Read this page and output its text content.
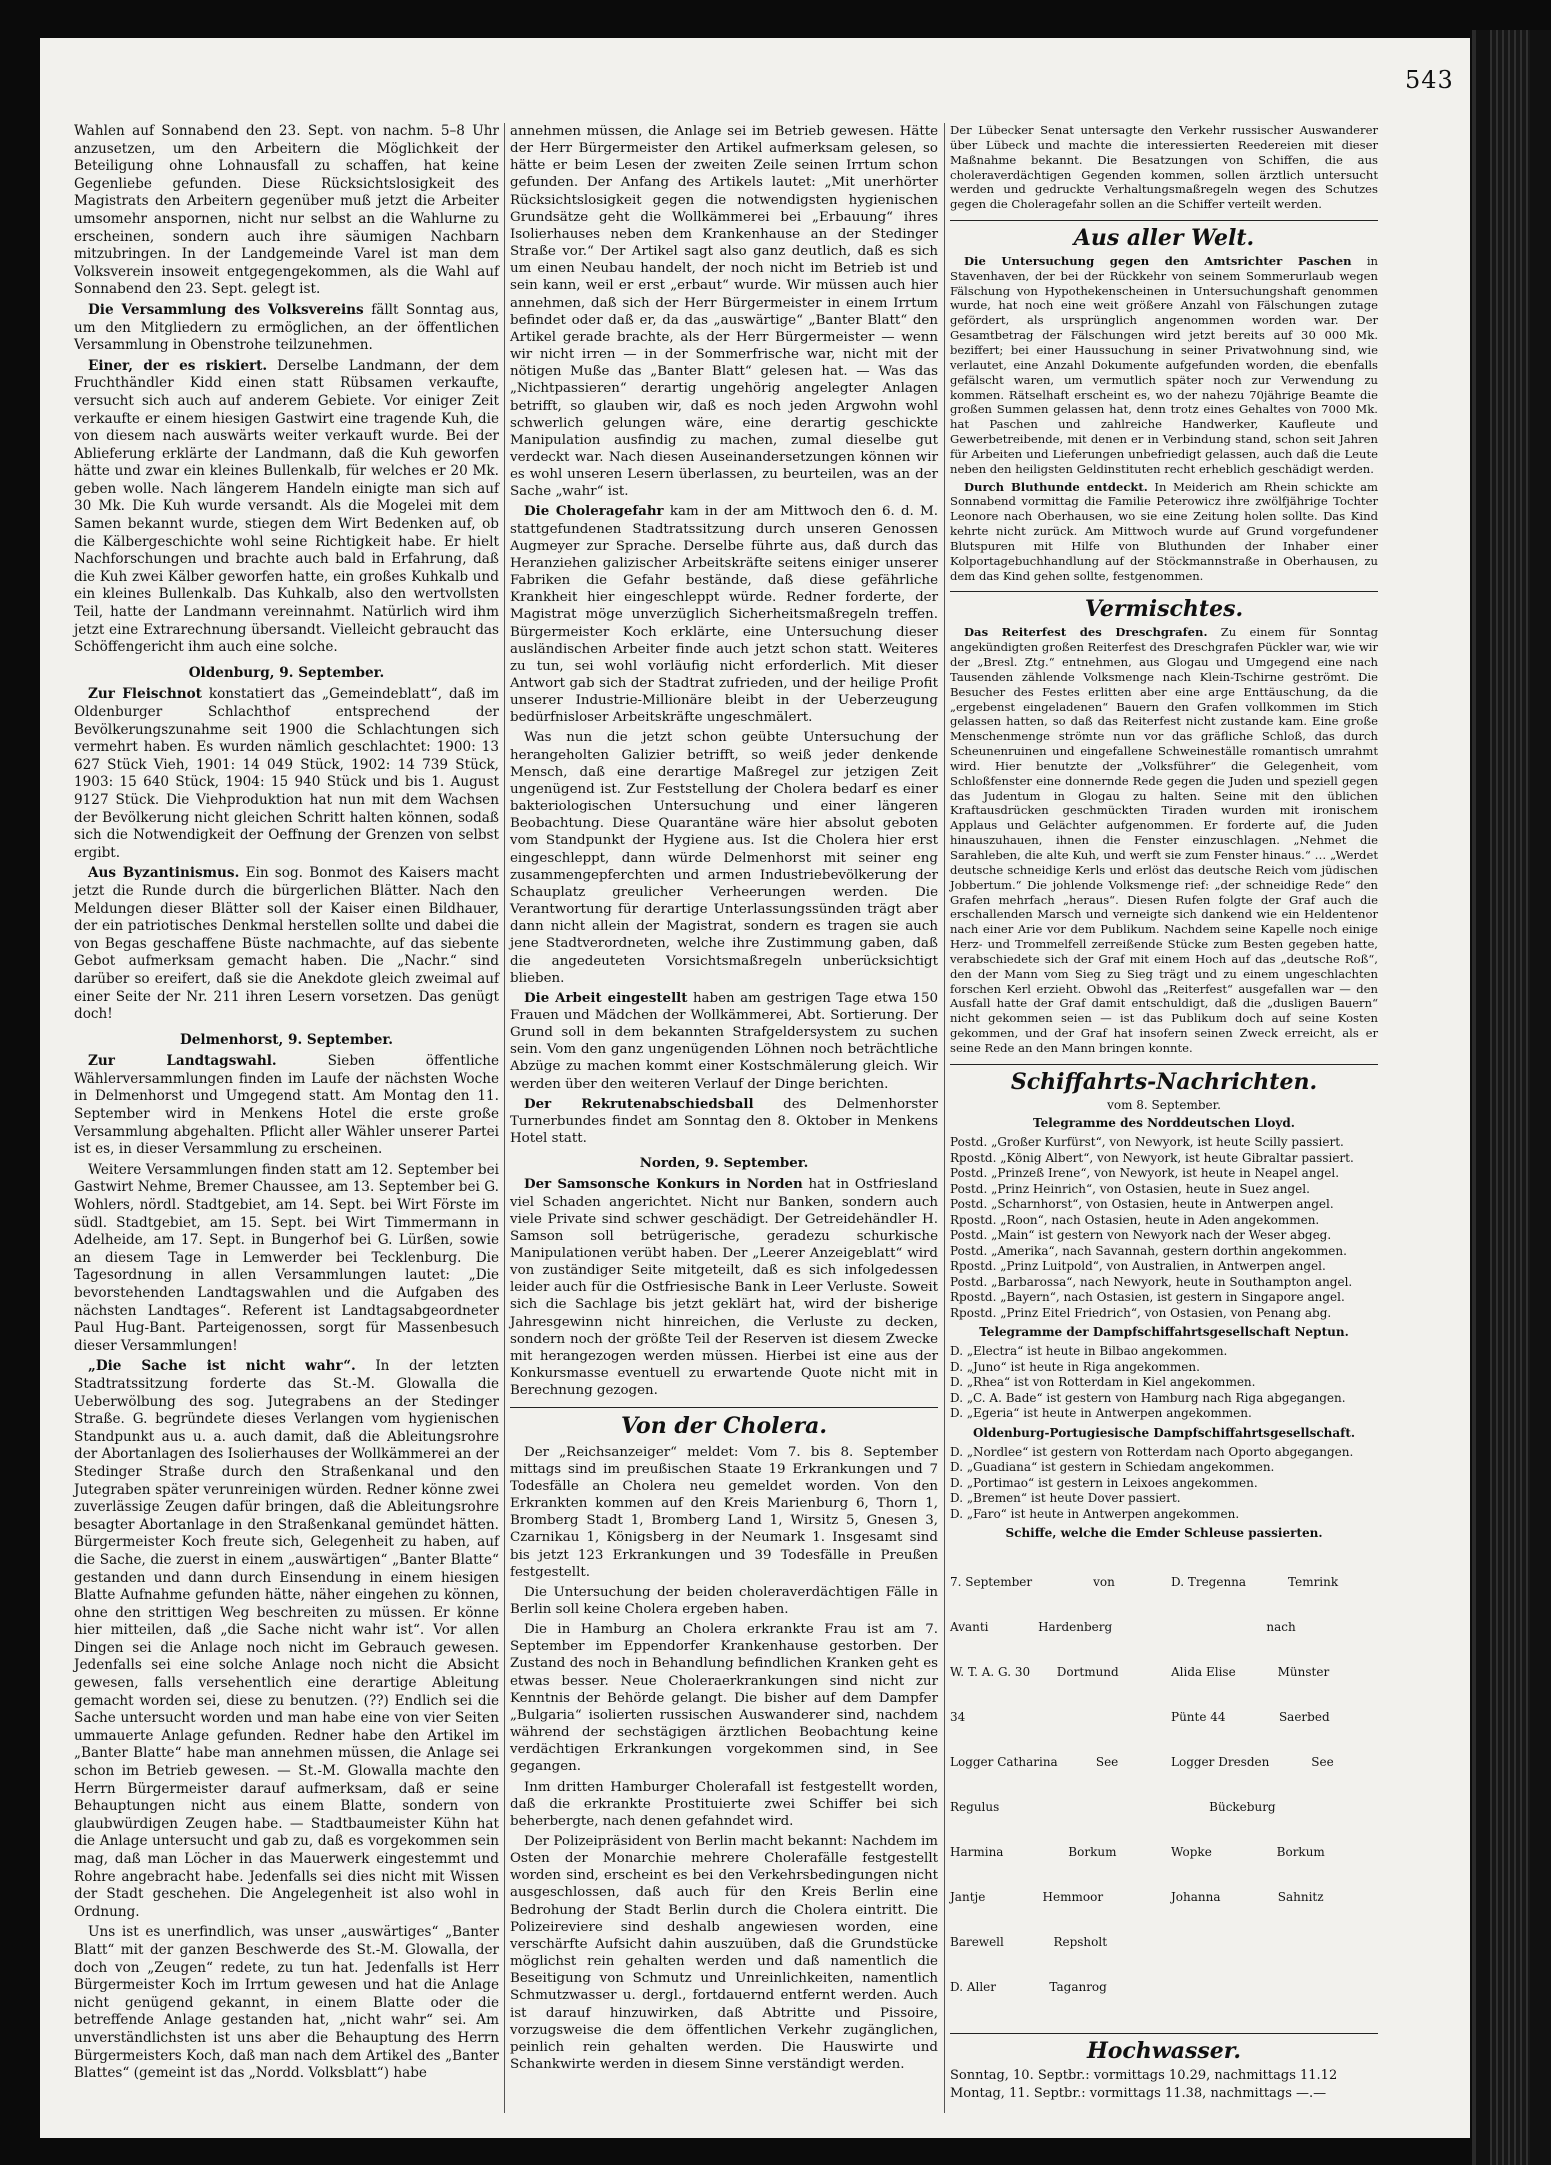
543

Wahlen auf Sonnabend den 23. Sept. von nachm. 5–8 Uhr anzusetzen, um den Arbeitern die Möglichkeit der Beteiligung ohne Lohnausfall zu schaffen, hat keine Gegenliebe gefunden. Diese Rücksichtslosigkeit des Magistrats den Arbeitern gegenüber muß jetzt die Arbeiter umsomehr anspornen, nicht nur selbst an die Wahlurne zu erscheinen, sondern auch ihre säumigen Nachbarn mitzubringen. In der Landgemeinde Varel ist man dem Volksverein insoweit entgegengekommen, als die Wahl auf Sonnabend den 23. Sept. gelegt ist.

Die Versammlung des Volksvereins fällt Sonntag aus, um den Mitgliedern zu ermöglichen, an der öffentlichen Versammlung in Obenstrohe teilzunehmen.

Einer, der es riskiert. Derselbe Landmann, der dem Fruchthändler Kidd einen statt Rübsamen verkaufte, versucht sich auch auf anderem Gebiete. Vor einiger Zeit verkaufte er einem hiesigen Gastwirt eine tragende Kuh, die von diesem nach auswärts weiter verkauft wurde. Bei der Ablieferung erklärte der Landmann, daß die Kuh geworfen hätte und zwar ein kleines Bullenkalb, für welches er 20 Mk. geben wolle. Nach längerem Handeln einigte man sich auf 30 Mk. Die Kuh wurde versandt. Als die Mogelei mit dem Samen bekannt wurde, stiegen dem Wirt Bedenken auf, ob die Kälbergeschichte wohl seine Richtigkeit habe. Er hielt Nachforschungen und brachte auch bald in Erfahrung, daß die Kuh zwei Kälber geworfen hatte, ein großes Kuhkalb und ein kleines Bullenkalb. Das Kuhkalb, also den wertvollsten Teil, hatte der Landmann vereinnahmt. Natürlich wird ihm jetzt eine Extrarechnung übersandt. Vielleicht gebraucht das Schöffengericht ihm auch eine solche.

Oldenburg, 9. September.

Zur Fleischnot konstatiert das „Gemeindeblatt“, daß im Oldenburger Schlachthof entsprechend der Bevölkerungszunahme seit 1900 die Schlachtungen sich vermehrt haben. Es wurden nämlich geschlachtet: 1900: 13 627 Stück Vieh, 1901: 14 049 Stück, 1902: 14 739 Stück, 1903: 15 640 Stück, 1904: 15 940 Stück und bis 1. August 9127 Stück. Die Viehproduktion hat nun mit dem Wachsen der Bevölkerung nicht gleichen Schritt halten können, sodaß sich die Notwendigkeit der Oeffnung der Grenzen von selbst ergibt.

Aus Byzantinismus. Ein sog. Bonmot des Kaisers macht jetzt die Runde durch die bürgerlichen Blätter. Nach den Meldungen dieser Blätter soll der Kaiser einen Bildhauer, der ein patriotisches Denkmal herstellen sollte und dabei die von Begas geschaffene Büste nachmachte, auf das siebente Gebot aufmerksam gemacht haben. Die „Nachr.“ sind darüber so ereifert, daß sie die Anekdote gleich zweimal auf einer Seite der Nr. 211 ihren Lesern vorsetzen. Das genügt doch!

Delmenhorst, 9. September.

Zur Landtagswahl.	Sieben öffentliche Wählerversammlungen finden im Laufe der nächsten Woche in Delmenhorst und Umgegend statt. Am Montag den 11. September wird in Menkens Hotel die erste große Versammlung abgehalten. Pflicht aller Wähler unserer Partei ist es, in dieser Versammlung zu erscheinen.

Weitere Versammlungen finden statt am 12. September bei Gastwirt Nehme, Bremer Chaussee, am 13. September bei G. Wohlers, nördl. Stadtgebiet, am 14. Sept. bei Wirt Förste im südl. Stadtgebiet, am 15. Sept. bei Wirt Timmermann in Adelheide, am 17. Sept. in Bungerhof bei G. Lürßen, sowie an diesem Tage in Lemwerder bei Tecklenburg. Die Tagesordnung in allen Versammlungen lautet: „Die bevorstehenden Landtagswahlen und die Aufgaben des nächsten Landtages“. Referent ist Landtagsabgeordneter Paul Hug-Bant. Parteigenossen, sorgt für Massenbesuch dieser Versammlungen!

„Die Sache ist nicht wahr“. In der letzten Stadtratssitzung forderte das St.-M. Glowalla die Ueberwölbung des sog. Jutegrabens an der Stedinger Straße. G. begründete dieses Verlangen vom hygienischen Standpunkt aus u. a. auch damit, daß die Ableitungsrohre der Abortanlagen des Isolierhauses der Wollkämmerei an der Stedinger Straße durch den Straßenkanal und den Jutegraben später verunreinigen würden. Redner könne zwei zuverlässige Zeugen dafür bringen, daß die Ableitungsrohre besagter Abortanlage in den Straßenkanal gemündet hätten. Bürgermeister Koch freute sich, Gelegenheit zu haben, auf die Sache, die zuerst in einem „auswärtigen“ „Banter Blatte“ gestanden und dann durch Einsendung in einem hiesigen Blatte Aufnahme gefunden hätte, näher eingehen zu können, ohne den strittigen Weg beschreiten zu müssen. Er könne hier mitteilen, daß „die Sache nicht wahr ist“. Vor allen Dingen sei die Anlage noch nicht im Gebrauch gewesen. Jedenfalls sei eine solche Anlage noch nicht die Absicht gewesen, falls versehentlich eine derartige Ableitung gemacht worden sei, diese zu benutzen. (??) Endlich sei die Sache untersucht worden und man habe eine von vier Seiten ummauerte Anlage gefunden. Redner habe den Artikel im „Banter Blatte“ habe man annehmen müssen, die Anlage sei schon im Betrieb gewesen. — St.-M. Glowalla machte den Herrn Bürgermeister darauf aufmerksam, daß er seine Behauptungen nicht aus einem Blatte, sondern von glaubwürdigen Zeugen habe. — Stadtbaumeister Kühn hat die Anlage untersucht und gab zu, daß es vorgekommen sein mag, daß man Löcher in das Mauerwerk eingestemmt und Rohre angebracht habe. Jedenfalls sei dies nicht mit Wissen der Stadt geschehen. Die Angelegenheit ist also wohl in Ordnung.

Uns ist es unerfindlich, was unser „auswärtiges“ „Banter Blatt“ mit der ganzen Beschwerde des St.-M. Glowalla, der doch von „Zeugen“ redete, zu tun hat. Jedenfalls ist Herr Bürgermeister Koch im Irrtum gewesen und hat die Anlage nicht genügend gekannt, in einem Blatte oder die betreffende Anlage gestanden hat, „nicht wahr“ sei. Am unverständlichsten ist uns aber die Behauptung des Herrn Bürgermeisters Koch, daß man nach dem Artikel des „Banter Blattes“ (gemeint ist das „Nordd. Volksblatt“) habe

annehmen müssen, die Anlage sei im Betrieb gewesen. Hätte der Herr Bürgermeister den Artikel aufmerksam gelesen, so hätte er beim Lesen der zweiten Zeile seinen Irrtum schon gefunden. Der Anfang des Artikels lautet: „Mit unerhörter Rücksichtslosigkeit gegen die notwendigsten hygienischen Grundsätze geht die Wollkämmerei bei „Erbauung“ ihres Isolierhauses neben dem Krankenhause an der Stedinger Straße vor.“ Der Artikel sagt also ganz deutlich, daß es sich um einen Neubau handelt, der noch nicht im Betrieb ist und sein kann, weil er erst „erbaut“ wurde. Wir müssen auch hier annehmen, daß sich der Herr Bürgermeister in einem Irrtum befindet oder daß er, da das „auswärtige“ „Banter Blatt“ den Artikel gerade brachte, als der Herr Bürgermeister — wenn wir nicht irren — in der Sommerfrische war, nicht mit der nötigen Muße das „Banter Blatt“ gelesen hat. — Was das „Nichtpassieren“ derartig ungehörig angelegter Anlagen betrifft, so glauben wir, daß es noch jeden Argwohn wohl schwerlich gelungen wäre, eine derartig geschickte Manipulation ausfindig zu machen, zumal dieselbe gut verdeckt war. Nach diesen Auseinandersetzungen können wir es wohl unseren Lesern überlassen, zu beurteilen, was an der Sache „wahr“ ist.

Die Choleragefahr kam in der am Mittwoch den 6. d. M. stattgefundenen Stadtratssitzung durch unseren Genossen Augmeyer zur Sprache. Derselbe führte aus, daß durch das Heranziehen galizischer Arbeitskräfte seitens einiger unserer Fabriken die Gefahr bestände, daß diese gefährliche Krankheit hier eingeschleppt würde. Redner forderte, der Magistrat möge unverzüglich Sicherheitsmaßregeln treffen. Bürgermeister Koch erklärte, eine Untersuchung dieser ausländischen Arbeiter finde auch jetzt schon statt. Weiteres zu tun, sei wohl vorläufig nicht erforderlich. Mit dieser Antwort gab sich der Stadtrat zufrieden, und der heilige Profit unserer Industrie-Millionäre bleibt in der Ueberzeugung bedürfnisloser Arbeitskräfte ungeschmälert.

Was nun die jetzt schon geübte Untersuchung der herangeholten Galizier betrifft, so weiß jeder denkende Mensch, daß eine derartige Maßregel zur jetzigen Zeit ungenügend ist. Zur Feststellung der Cholera bedarf es einer bakteriologischen Untersuchung und einer längeren Beobachtung. Diese Quarantäne wäre hier absolut geboten vom Standpunkt der Hygiene aus. Ist die Cholera hier erst eingeschleppt, dann würde Delmenhorst mit seiner eng zusammengepferchten und armen Industriebevölkerung der Schauplatz greulicher Verheerungen werden. Die Verantwortung für derartige Unterlassungssünden trägt aber dann nicht allein der Magistrat, sondern es tragen sie auch jene Stadtverordneten, welche ihre Zustimmung gaben, daß die angedeuteten Vorsichtsmaßregeln unberücksichtigt blieben.

Die Arbeit eingestellt haben am gestrigen Tage etwa 150 Frauen und Mädchen der Wollkämmerei, Abt. Sortierung. Der Grund soll in dem bekannten Strafgeldersystem zu suchen sein. Vom den ganz ungenügenden Löhnen noch beträchtliche Abzüge zu machen kommt einer Kostschmälerung gleich. Wir werden über den weiteren Verlauf der Dinge berichten.

Der Rekrutenabschiedsball des Delmenhorster Turnerbundes findet am Sonntag den 8. Oktober in Menkens Hotel statt.

Norden, 9. September.

Der Samsonsche Konkurs in Norden hat in Ostfriesland viel Schaden angerichtet. Nicht nur Banken, sondern auch viele Private sind schwer geschädigt. Der Getreidehändler H. Samson soll betrügerische, geradezu schurkische Manipulationen verübt haben. Der „Leerer Anzeigeblatt“ wird von zuständiger Seite mitgeteilt, daß es sich infolgedessen leider auch für die Ostfriesische Bank in Leer Verluste. Soweit sich die Sachlage bis jetzt geklärt hat, wird der bisherige Jahresgewinn nicht hinreichen, die Verluste zu decken, sondern noch der größte Teil der Reserven ist diesem Zwecke mit herangezogen werden müssen. Hierbei ist eine aus der Konkursmasse eventuell zu erwartende Quote nicht mit in Berechnung gezogen.

Von der Cholera.

Der „Reichsanzeiger“ meldet: Vom 7. bis 8. September mittags sind im preußischen Staate 19 Erkrankungen und 7 Todesfälle an Cholera neu gemeldet worden. Von den Erkrankten kommen auf den Kreis Marienburg 6, Thorn 1, Bromberg Stadt 1, Bromberg Land 1, Wirsitz 5, Gnesen 3, Czarnikau 1, Königsberg in der Neumark 1. Insgesamt sind bis jetzt 123 Erkrankungen und 39 Todesfälle in Preußen festgestellt.

Die Untersuchung der beiden choleraverdächtigen Fälle in Berlin soll keine Cholera ergeben haben.

Die in Hamburg an Cholera erkrankte Frau ist am 7. September im Eppendorfer Krankenhause gestorben. Der Zustand des noch in Behandlung befindlichen Kranken geht es etwas besser. Neue Choleraerkrankungen sind nicht zur Kenntnis der Behörde gelangt. Die bisher auf dem Dampfer „Bulgaria“ isolierten russischen Auswanderer sind, nachdem während der sechstägigen ärztlichen Beobachtung keine verdächtigen Erkrankungen vorgekommen sind, in See gegangen.

Inm dritten Hamburger Cholerafall ist festgestellt worden, daß die erkrankte Prostituierte zwei Schiffer bei sich beherbergte, nach denen gefahndet wird.

Der Polizeipräsident von Berlin macht bekannt: Nachdem im Osten der Monarchie mehrere Cholerafälle festgestellt worden sind, erscheint es bei den Verkehrsbedingungen nicht ausgeschlossen, daß auch für den Kreis Berlin eine Bedrohung der Stadt Berlin durch die Cholera eintritt. Die Polizeireviere sind deshalb angewiesen worden, eine verschärfte Aufsicht dahin auszuüben, daß die Grundstücke möglichst rein gehalten werden und daß namentlich die Beseitigung von Schmutz und Unreinlichkeiten, namentlich Schmutzwasser u. dergl., fortdauernd entfernt werden. Auch ist darauf hinzuwirken, daß Abtritte und Pissoire, vorzugsweise die dem öffentlichen Verkehr zugänglichen, peinlich rein gehalten werden. Die Hauswirte und Schankwirte werden in diesem Sinne verständigt werden.

Der Lübecker Senat untersagte den Verkehr russischer Auswanderer über Lübeck und machte die interessierten Reedereien mit dieser Maßnahme bekannt. Die Besatzungen von Schiffen, die aus choleraverdächtigen Gegenden kommen, sollen ärztlich untersucht werden und gedruckte Verhaltungsmaßregeln wegen des Schutzes gegen die Choleragefahr sollen an die Schiffer verteilt werden.

Aus aller Welt.

Die Untersuchung gegen den Amtsrichter Paschen in Stavenhaven, der bei der Rückkehr von seinem Sommerurlaub wegen Fälschung von Hypothekenscheinen in Untersuchungshaft genommen wurde, hat noch eine weit größere Anzahl von Fälschungen zutage gefördert, als ursprünglich angenommen worden war. Der Gesamtbetrag der Fälschungen wird jetzt bereits auf 30 000 Mk. beziffert; bei einer Haussuchung in seiner Privatwohnung sind, wie verlautet, eine Anzahl Dokumente aufgefunden worden, die ebenfalls gefälscht waren, um vermutlich später noch zur Verwendung zu kommen. Rätselhaft erscheint es, wo der nahezu 70jährige Beamte die großen Summen gelassen hat, denn trotz eines Gehaltes von 7000 Mk. hat Paschen und zahlreiche Handwerker, Kaufleute und Gewerbetreibende, mit denen er in Verbindung stand, schon seit Jahren für Arbeiten und Lieferungen unbefriedigt gelassen, auch daß die Leute neben den heiligsten Geldinstituten recht erheblich geschädigt werden.

Durch Bluthunde entdeckt. In Meiderich am Rhein schickte am Sonnabend vormittag die Familie Peterowicz ihre zwölfjährige Tochter Leonore nach Oberhausen, wo sie eine Zeitung holen sollte. Das Kind kehrte nicht zurück. Am Mittwoch wurde auf Grund vorgefundener Blutspuren mit Hilfe von Bluthunden der Inhaber einer Kolportagebuchhandlung auf der Stöckmannstraße in Oberhausen, zu dem das Kind gehen sollte, festgenommen.

Vermischtes.

Das Reiterfest des Dreschgrafen. Zu einem für Sonntag angekündigten großen Reiterfest des Dreschgrafen Pückler war, wie wir der „Bresl. Ztg.“ entnehmen, aus Glogau und Umgegend eine nach Tausenden zählende Volksmenge nach Klein-Tschirne geströmt. Die Besucher des Festes erlitten aber eine arge Enttäuschung, da die „ergebenst eingeladenen“ Bauern den Grafen vollkommen im Stich gelassen hatten, so daß das Reiterfest nicht zustande kam. Eine große Menschenmenge strömte nun vor das gräfliche Schloß, das durch Scheunenruinen und eingefallene Schweineställe romantisch umrahmt wird. Hier benutzte der „Volksführer“ die Gelegenheit, vom Schloßfenster eine donnernde Rede gegen die Juden und speziell gegen das Judentum in Glogau zu halten. Seine mit den üblichen Kraftausdrücken geschmückten Tiraden wurden mit ironischem Applaus und Gelächter aufgenommen. Er forderte auf, die Juden hinauszuhauen, ihnen die Fenster einzuschlagen. „Nehmet die Sarahleben, die alte Kuh, und werft sie zum Fenster hinaus.“ … „Werdet deutsche schneidige Kerls und erlöst das deutsche Reich vom jüdischen Jobbertum.“ Die johlende Volksmenge rief: „der schneidige Rede“ den Grafen mehrfach „heraus“. Diesen Rufen folgte der Graf auch die erschallenden Marsch und verneigte sich dankend wie ein Heldentenor nach einer Arie vor dem Publikum. Nachdem seine Kapelle noch einige Herz- und Trommelfell zerreißende Stücke zum Besten gegeben hatte, verabschiedete sich der Graf mit einem Hoch auf das „deutsche Roß“, den der Mann vom Sieg zu Sieg trägt und zu einem ungeschlachten forschen Kerl erzieht. Obwohl das „Reiterfest“ ausgefallen war — den Ausfall hatte der Graf damit entschuldigt, daß die „dusligen Bauern“ nicht gekommen seien — ist das Publikum doch auf seine Kosten gekommen, und der Graf hat insofern seinen Zweck erreicht, als er seine Rede an den Mann bringen konnte.

Schiffahrts-Nachrichten.
vom 8. September.
Telegramme des Norddeutschen Lloyd.
Postd. „Großer Kurfürst“, von Newyork, ist heute Scilly passiert.
Rpostd. „König Albert“, von Newyork, ist heute Gibraltar passiert.
Postd. „Prinzeß Irene“, von Newyork, ist heute in Neapel angel.
Postd. „Prinz Heinrich“, von Ostasien, heute in Suez angel.
Postd. „Scharnhorst“, von Ostasien, heute in Antwerpen angel.
Rpostd. „Roon“, nach Ostasien, heute in Aden angekommen.
Postd. „Main“ ist gestern von Newyork nach der Weser abgeg.
Postd. „Amerika“, nach Savannah, gestern dorthin angekommen.
Rpostd. „Prinz Luitpold“, von Australien, in Antwerpen angel.
Postd. „Barbarossa“, nach Newyork, heute in Southampton angel.
Rpostd. „Bayern“, nach Ostasien, ist gestern in Singapore angel.
Rpostd. „Prinz Eitel Friedrich“, von Ostasien, von Penang abg.
Telegramme der Dampfschiffahrtsgesellschaft Neptun.
D. „Electra“ ist heute in Bilbao angekommen.
D. „Juno“ ist heute in Riga angekommen.
D. „Rhea“ ist von Rotterdam in Kiel angekommen.
D. „C. A. Bade“ ist gestern von Hamburg nach Riga abgegangen.
D. „Egeria“ ist heute in Antwerpen angekommen.
Oldenburg-Portugiesische Dampfschiffahrtsgesellschaft.
D. „Nordlee“ ist gestern von Rotterdam nach Oporto abgegangen.
D. „Guadiana“ ist gestern in Schiedam angekommen.
D. „Portimao“ ist gestern in Leixoes angekommen.
D. „Bremen“ ist heute Dover passiert.
D. „Faro“ ist heute in Antwerpen angekommen.
Schiffe, welche die Emder Schleuse passierten.

7. September                von

Avanti             Hardenberg

W. T. A. G. 30       Dortmund

34

Logger Catharina          See

Regulus

Harmina                 Borkum

Jantje               Hemmoor

Barewell             Repsholt

D. Aller              Taganrog

D. Tregenna           Temrink

nach

Alida Elise           Münster

Pünte 44              Saerbed

Logger Dresden           See

Bückeburg

Wopke                 Borkum

Johanna               Sahnitz

Hochwasser.
Sonntag, 10. Septbr.: vormittags 10.29, nachmittags 11.12
Montag, 11. Septbr.: vormittags 11.38, nachmittags —.—
